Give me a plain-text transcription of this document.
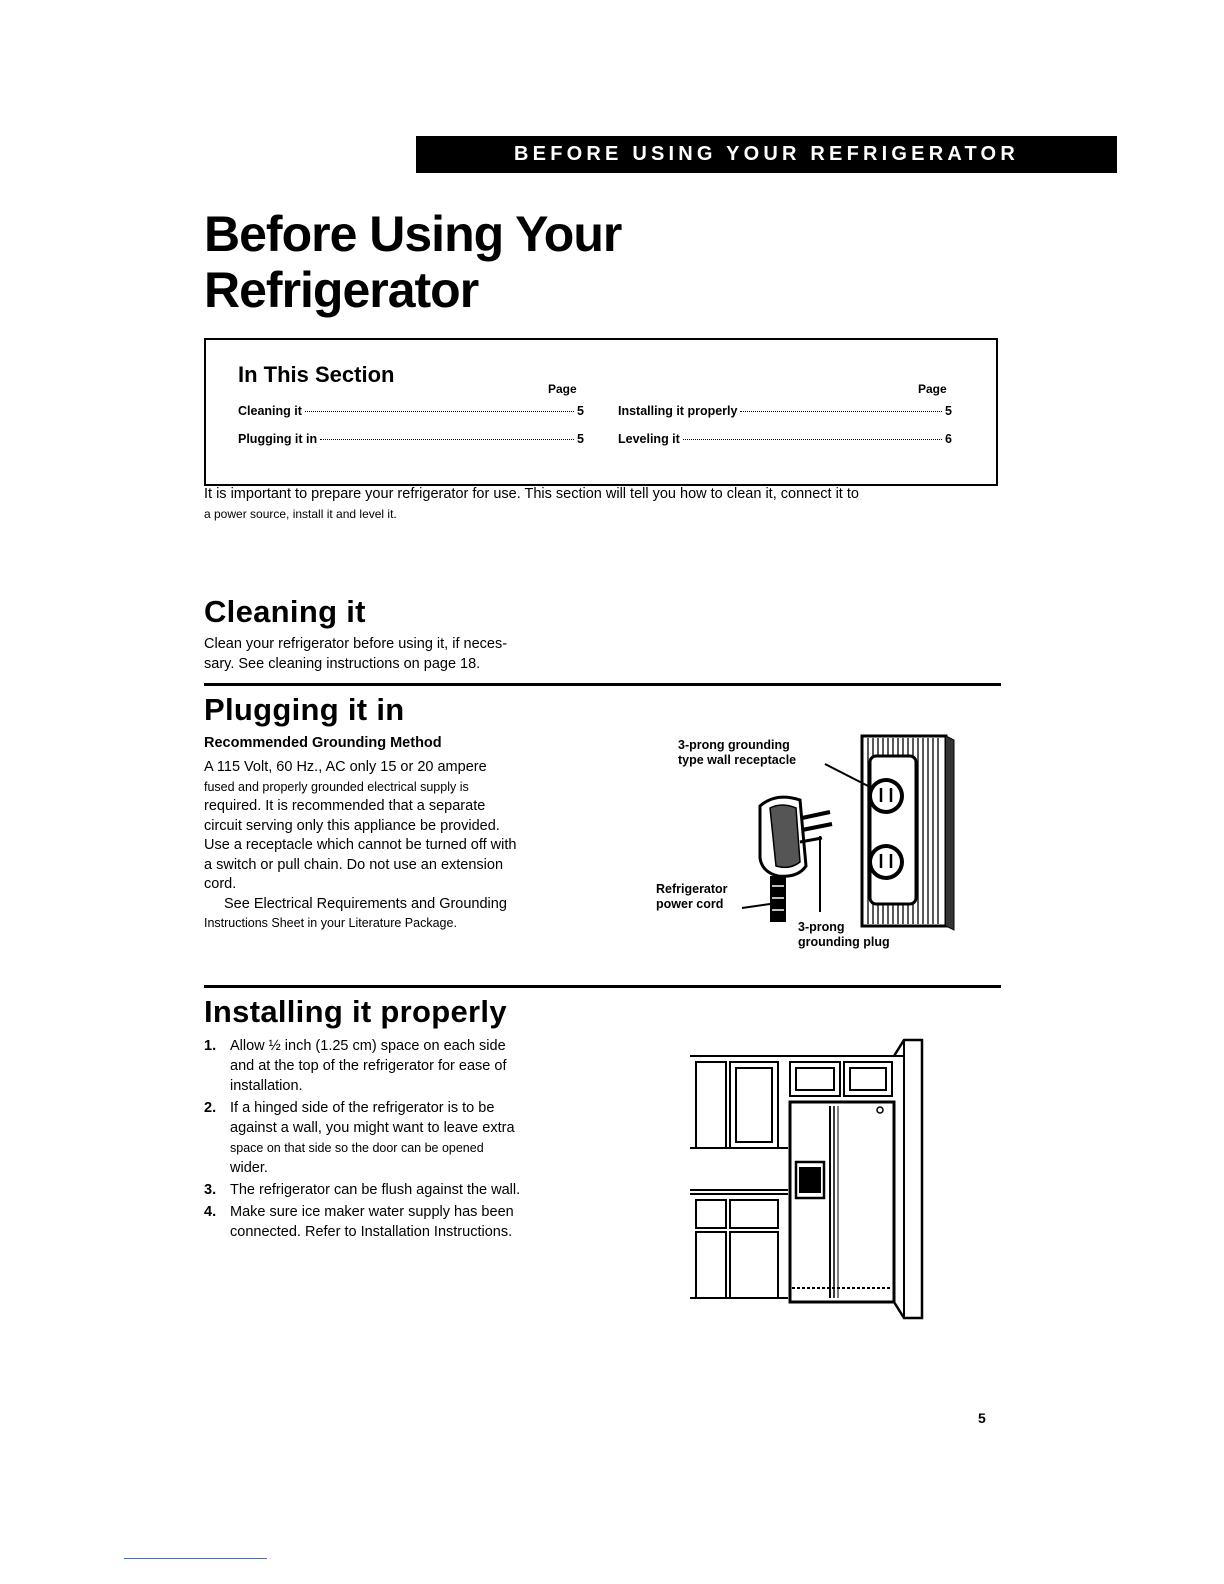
BEFORE USING YOUR REFRIGERATOR
Before Using Your
Refrigerator
In This Section
Page	Page
Cleaning it	5
Plugging it in	5
Installing it properly	5
Leveling it	6
It is important to prepare your refrigerator for use. This section will tell you how to clean it, connect it to
a power source, install it and level it.
Cleaning it
Clean your refrigerator before using it, if neces-
sary. See cleaning instructions on page 18.
Plugging it in
Recommended Grounding Method
A 115 Volt, 60 Hz., AC only 15 or 20 ampere
fused and properly grounded electrical supply is
required. It is recommended that a separate
circuit serving only this appliance be provided.
Use a receptacle which cannot be turned off with
a switch or pull chain. Do not use an extension
cord.
See Electrical Requirements and Grounding
Instructions Sheet in your Literature Package.
3-prong grounding
type wall receptacle
Refrigerator
power cord
3-prong
grounding plug
Installing it properly
1. Allow ½ inch (1.25 cm) space on each side
and at the top of the refrigerator for ease of
installation.
2. If a hinged side of the refrigerator is to be
against a wall, you might want to leave extra
space on that side so the door can be opened
wider.
3. The refrigerator can be flush against the wall.
4. Make sure ice maker water supply has been
connected. Refer to Installation Instructions.
5
